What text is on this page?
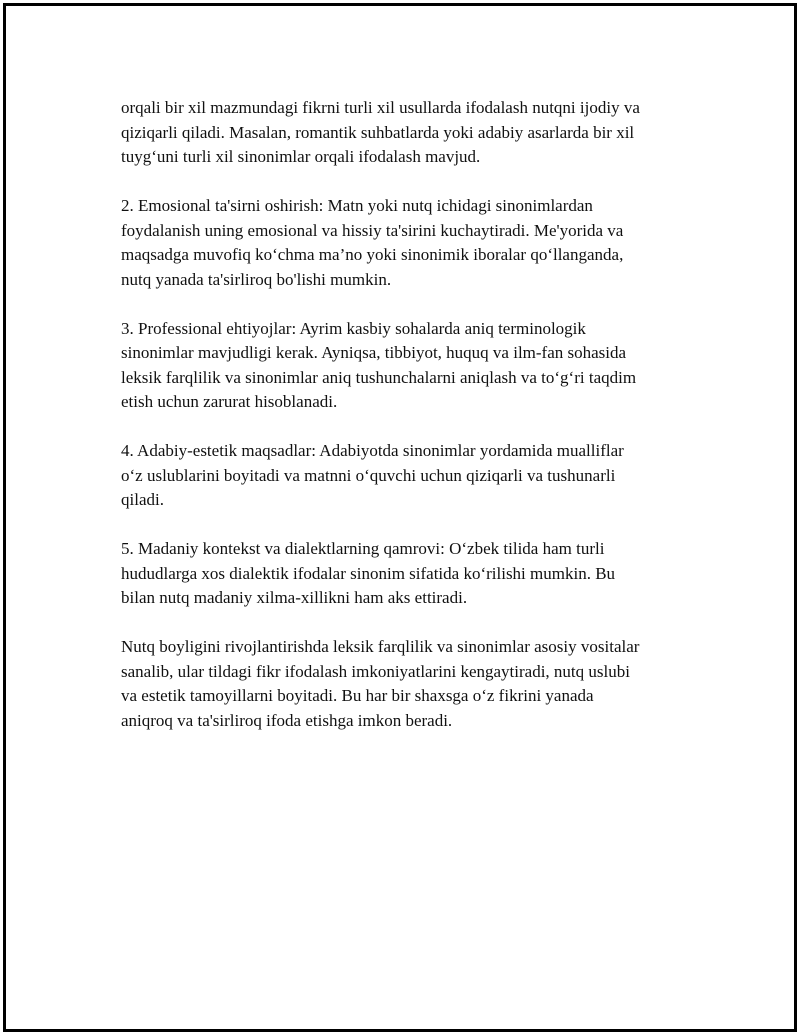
orqali bir xil mazmundagi fikrni turli xil usullarda ifodalash nutqni ijodiy va
qiziqarli qiladi. Masalan, romantik suhbatlarda yoki adabiy asarlarda bir xil
tuyg‘uni turli xil sinonimlar orqali ifodalash mavjud.

2. Emosional ta'sirni oshirish: Matn yoki nutq ichidagi sinonimlardan
foydalanish uning emosional va hissiy ta'sirini kuchaytiradi. Me'yorida va
maqsadga muvofiq ko‘chma ma’no yoki sinonimik iboralar qo‘llanganda,
nutq yanada ta'sirliroq bo'lishi mumkin.

3. Professional ehtiyojlar: Ayrim kasbiy sohalarda aniq terminologik
sinonimlar mavjudligi kerak. Ayniqsa, tibbiyot, huquq va ilm-fan sohasida
leksik farqlilik va sinonimlar aniq tushunchalarni aniqlash va to‘g‘ri taqdim
etish uchun zarurat hisoblanadi.

4. Adabiy-estetik maqsadlar: Adabiyotda sinonimlar yordamida mualliflar
o‘z uslublarini boyitadi va matnni o‘quvchi uchun qiziqarli va tushunarli
qiladi.

5. Madaniy kontekst va dialektlarning qamrovi: O‘zbek tilida ham turli
hududlarga xos dialektik ifodalar sinonim sifatida ko‘rilishi mumkin. Bu
bilan nutq madaniy xilma-xillikni ham aks ettiradi.

Nutq boyligini rivojlantirishda leksik farqlilik va sinonimlar asosiy vositalar
sanalib, ular tildagi fikr ifodalash imkoniyatlarini kengaytiradi, nutq uslubi
va estetik tamoyillarni boyitadi. Bu har bir shaxsga o‘z fikrini yanada
aniqroq va ta'sirliroq ifoda etishga imkon beradi.
